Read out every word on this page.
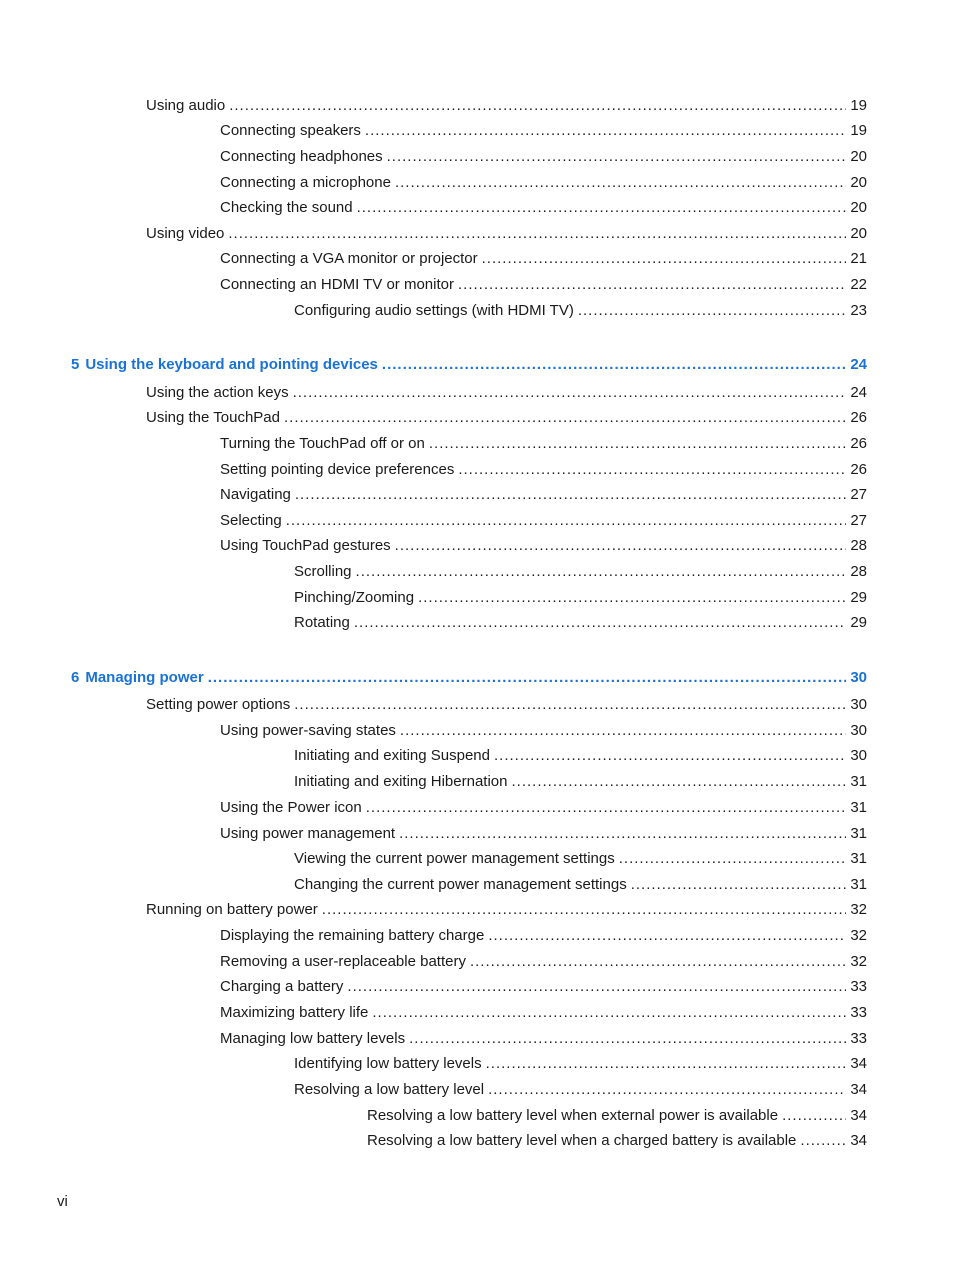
Using audio .....	19
Connecting speakers .....	19
Connecting headphones .....	20
Connecting a microphone .....	20
Checking the sound .....	20
Using video .....	20
Connecting a VGA monitor or projector .....	21
Connecting an HDMI TV or monitor .....	22
Configuring audio settings (with HDMI TV) .....	23
5 Using the keyboard and pointing devices .....	24
Using the action keys .....	24
Using the TouchPad .....	26
Turning the TouchPad off or on .....	26
Setting pointing device preferences .....	26
Navigating .....	27
Selecting .....	27
Using TouchPad gestures .....	28
Scrolling .....	28
Pinching/Zooming .....	29
Rotating .....	29
6 Managing power .....	30
Setting power options .....	30
Using power-saving states .....	30
Initiating and exiting Suspend .....	30
Initiating and exiting Hibernation .....	31
Using the Power icon .....	31
Using power management .....	31
Viewing the current power management settings .....	31
Changing the current power management settings .....	31
Running on battery power .....	32
Displaying the remaining battery charge .....	32
Removing a user-replaceable battery .....	32
Charging a battery .....	33
Maximizing battery life .....	33
Managing low battery levels .....	33
Identifying low battery levels .....	34
Resolving a low battery level .....	34
Resolving a low battery level when external power is available .....	34
Resolving a low battery level when a charged battery is available .....	34
vi
